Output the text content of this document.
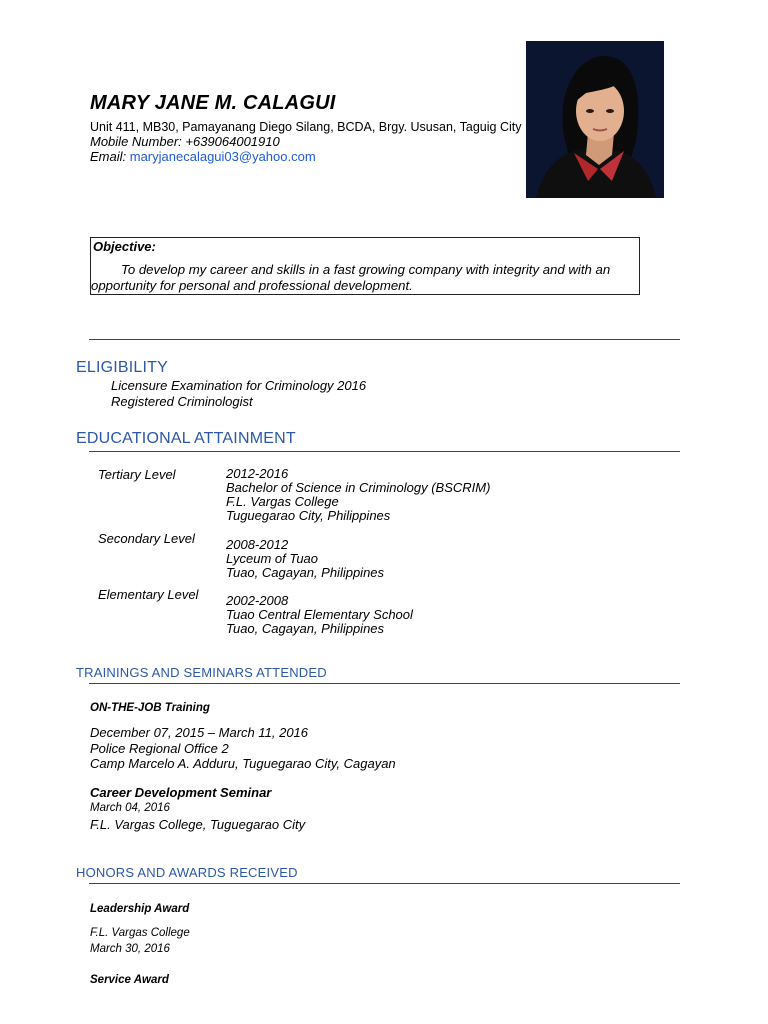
MARY JANE M. CALAGUI
Unit 411, MB30, Pamayanang Diego Silang, BCDA, Brgy. Ususan, Taguig City
Mobile Number: +639064001910
Email: maryjanecalagui03@yahoo.com
Objective:
To develop my career and skills in a fast growing company with integrity and with an opportunity for personal and professional development.
ELIGIBILITY
Licensure Examination for Criminology 2016
Registered Criminologist
EDUCATIONAL ATTAINMENT
Tertiary Level	2012-2016
Bachelor of Science in Criminology (BSCRIM)
F.L. Vargas College
Tuguegarao City, Philippines
Secondary Level 2008-2012
Lyceum of Tuao
Tuao, Cagayan, Philippines
Elementary Level 2002-2008
Tuao Central Elementary School
Tuao, Cagayan, Philippines
TRAININGS AND SEMINARS ATTENDED
ON-THE-JOB Training
December 07, 2015 – March 11, 2016
Police Regional Office 2
Camp Marcelo A. Adduru, Tuguegarao City, Cagayan
Career Development Seminar
March 04, 2016
F.L. Vargas College, Tuguegarao City
HONORS AND AWARDS RECEIVED
Leadership Award
F.L. Vargas College
March 30, 2016
Service Award
